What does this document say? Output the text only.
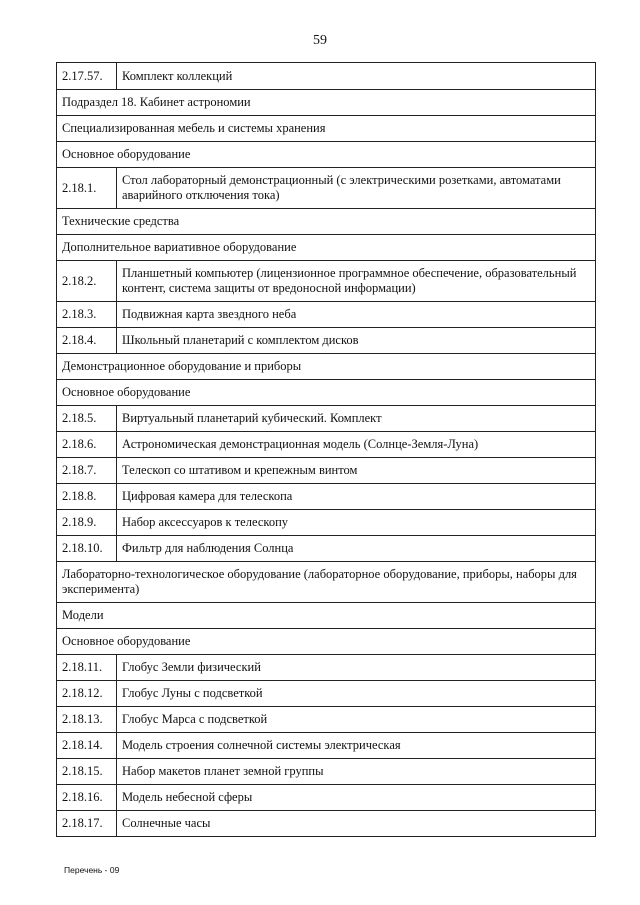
59
2.17.57.	Комплект коллекций
Подраздел 18. Кабинет астрономии	
Специализированная мебель и системы хранения	
Основное оборудование	
2.18.1.	Стол лабораторный демонстрационный (с электрическими розетками, автоматами аварийного отключения тока)
Технические средства	
Дополнительное вариативное оборудование	
2.18.2.	Планшетный компьютер (лицензионное программное обеспечение, образовательный контент, система защиты от вредоносной информации)
2.18.3.	Подвижная карта звездного неба
2.18.4.	Школьный планетарий с комплектом дисков
Демонстрационное оборудование и приборы	
Основное оборудование	
2.18.5.	Виртуальный планетарий кубический. Комплект
2.18.6.	Астрономическая демонстрационная модель (Солнце-Земля-Луна)
2.18.7.	Телескоп со штативом и крепежным винтом
2.18.8.	Цифровая камера для телескопа
2.18.9.	Набор аксессуаров к телескопу
2.18.10.	Фильтр для наблюдения Солнца
Лабораторно-технологическое оборудование (лабораторное оборудование, приборы, наборы для эксперимента)	
Модели	
Основное оборудование	
2.18.11.	Глобус Земли физический
2.18.12.	Глобус Луны с подсветкой
2.18.13.	Глобус Марса с подсветкой
2.18.14.	Модель строения солнечной системы электрическая
2.18.15.	Набор макетов планет земной группы
2.18.16.	Модель небесной сферы
2.18.17.	Солнечные часы
Перечень - 09
